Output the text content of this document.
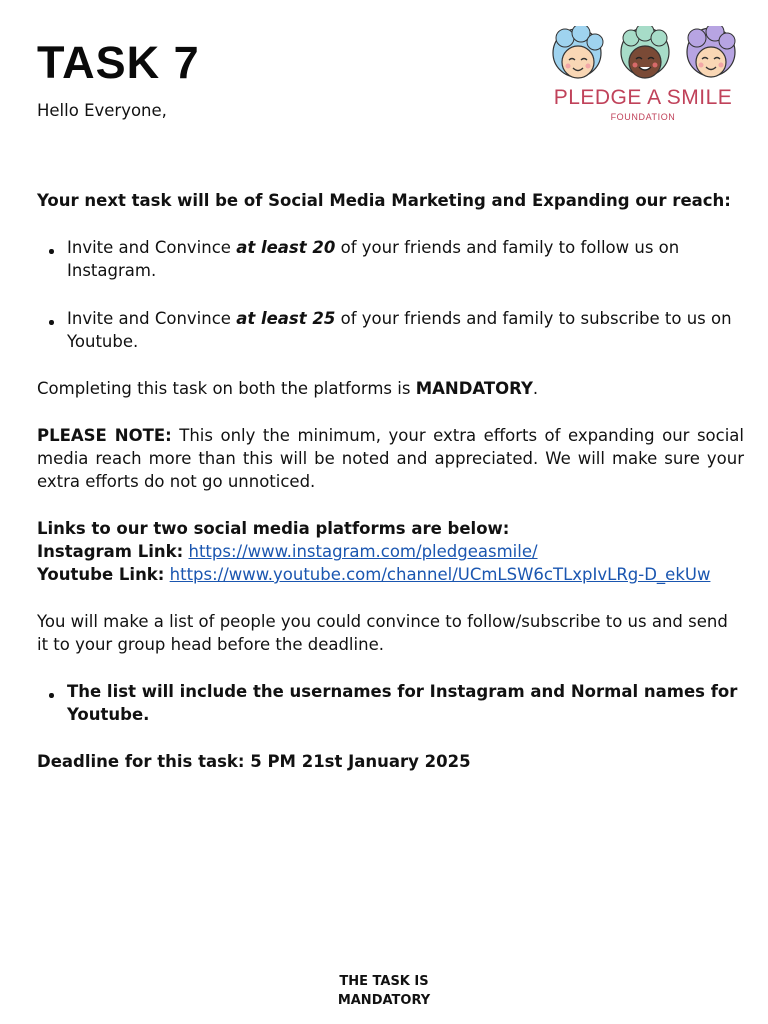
TASK 7
PLEDGE A SMILE
FOUNDATION

Hello Everyone,

Your next task will be of Social Media Marketing and Expanding our reach:

Invite and Convince at least 20 of your friends and family to follow us on Instagram.
Invite and Convince at least 25 of your friends and family to subscribe to us on Youtube.

Completing this task on both the platforms is MANDATORY.

PLEASE NOTE: This only the minimum, your extra efforts of expanding our social media reach more than this will be noted and appreciated. We will make sure your extra efforts do not go unnoticed.

Links to our two social media platforms are below:
Instagram Link: https://www.instagram.com/pledgeasmile/
Youtube Link: https://www.youtube.com/channel/UCmLSW6cTLxpIvLRg-D_ekUw

You will make a list of people you could convince to follow/subscribe to us and send it to your group head before the deadline.

The list will include the usernames for Instagram and Normal names for Youtube.

Deadline for this task: 5 PM 21st January 2025

THE TASK IS
MANDATORY
